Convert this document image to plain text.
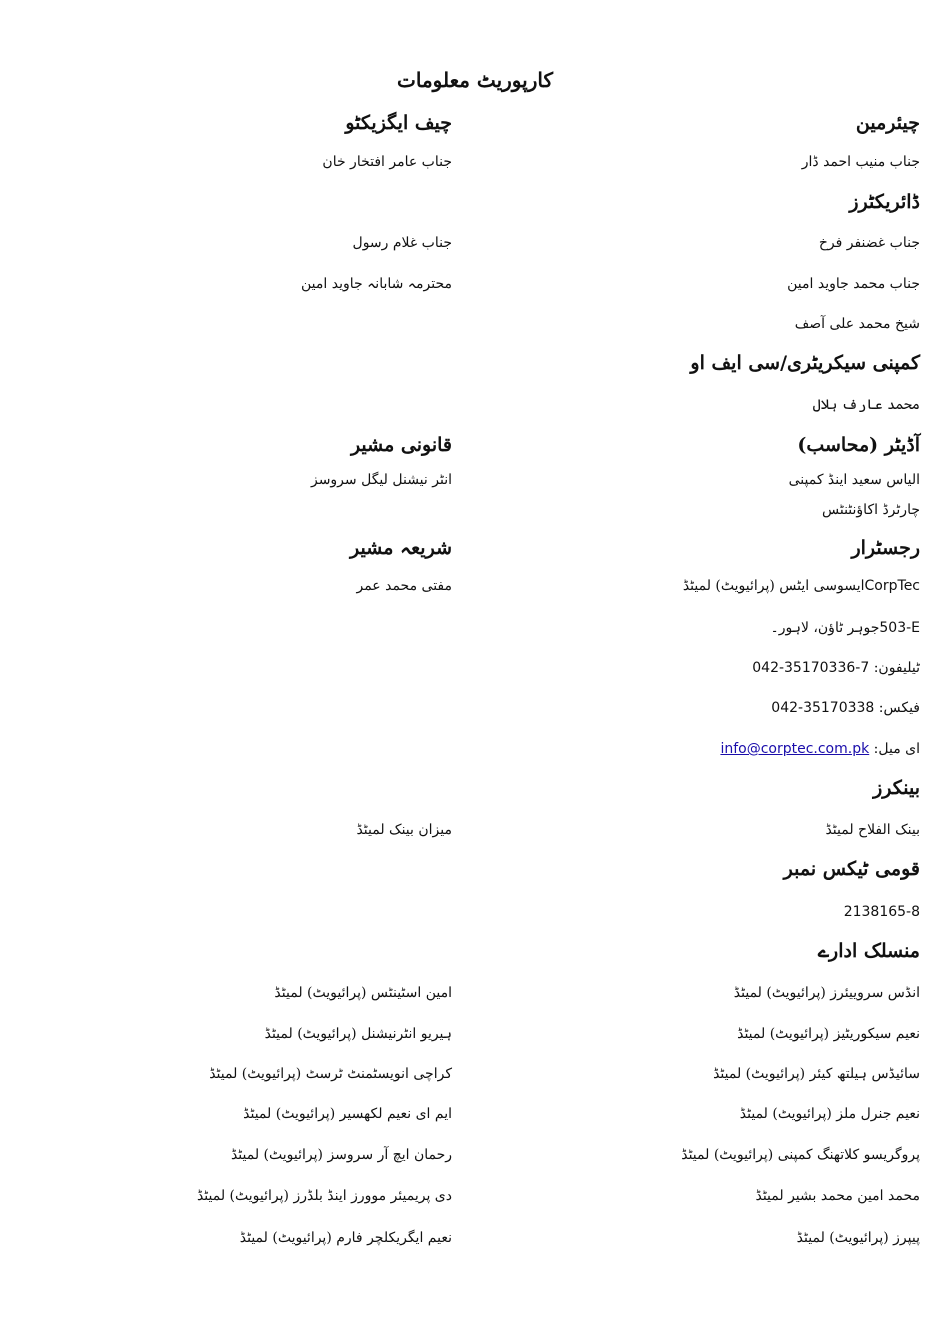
کارپوریٹ معلومات
چیئرمین
چیف ایگزیکٹو
جناب منیب احمد ڈار
جناب عامر افتخار خان
ڈائریکٹرز
جناب غضنفر فرخ
جناب غلام رسول
جناب محمد جاوید امین
محترمہ شابانہ جاوید امین
شیخ محمد علی آصف
کمپنی سیکریٹری/سی ایف او
محمد عارف ہلال
آڈیٹر (محاسب)
قانونی مشیر
الیاس سعید اینڈ کمپنی
انٹر نیشنل لیگل سروسز
چارٹرڈ اکاؤنٹنٹس
رجسٹرار
شریعہ مشیر
CorpTecایسوسی ایٹس (پرائیویٹ) لمیٹڈ
مفتی محمد عمر
503-Eجوہر ٹاؤن، لاہور۔
ٹیلیفون: 042-35170336-7
فیکس: 042-35170338
ای میل: info@corptec.com.pk
بینکرز
بینک الفلاح لمیٹڈ
میزان بینک لمیٹڈ
قومی ٹیکس نمبر
2138165-8
منسلک ادارے
انڈس سروییئرز (پرائیویٹ) لمیٹڈ
امین اسٹینٹس (پرائیویٹ) لمیٹڈ
نعیم سیکوریٹیز (پرائیویٹ) لمیٹڈ
ہیریو انٹرنیشنل (پرائیویٹ) لمیٹڈ
سائیڈس ہیلتھ کیئر (پرائیویٹ) لمیٹڈ
کراچی انویسٹمنٹ ٹرسٹ (پرائیویٹ) لمیٹڈ
نعیم جنرل ملز (پرائیویٹ) لمیٹڈ
ایم ای نعیم لکھسیر (پرائیویٹ) لمیٹڈ
پروگریسو کلاتھنگ کمپنی (پرائیویٹ) لمیٹڈ
رحمان ایچ آر سروسز (پرائیویٹ) لمیٹڈ
محمد امین محمد بشیر لمیٹڈ
دی پریمیئر موورز اینڈ بلڈرز (پرائیویٹ) لمیٹڈ
پیپرز (پرائیویٹ) لمیٹڈ
نعیم ایگریکلچر فارم (پرائیویٹ) لمیٹڈ
